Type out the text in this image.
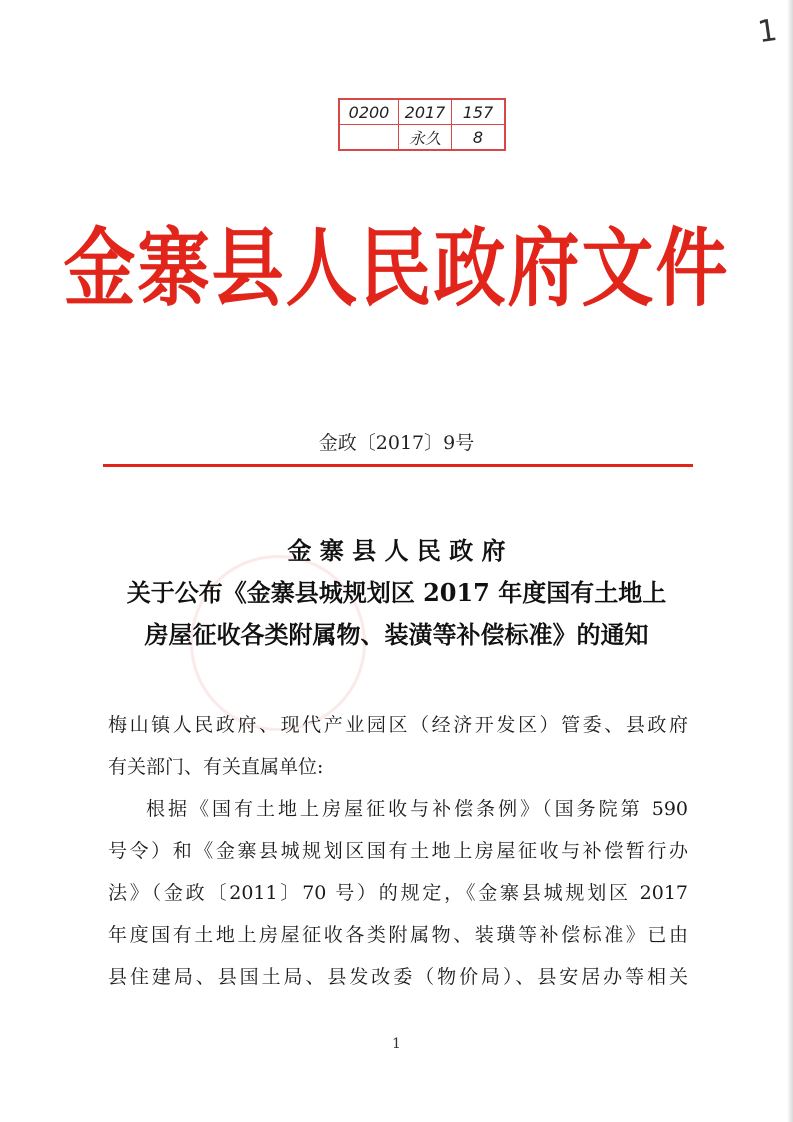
1
0200	2017	157
	永久	8
金寨县人民政府文件
金政〔2017〕9号
金 寨 县 人 民 政 府
关于公布《金寨县城规划区 2017 年度国有土地上
房屋征收各类附属物、装潢等补偿标准》的通知

梅山镇人民政府、现代产业园区（经济开发区）管委、县政府

有关部门、有关直属单位:

根据《国有土地上房屋征收与补偿条例》（国务院第 590

号令）和《金寨县城规划区国有土地上房屋征收与补偿暂行办

法》（金政〔2011〕70 号）的规定，《金寨县城规划区 2017

年度国有土地上房屋征收各类附属物、装璜等补偿标准》已由

县住建局、县国土局、县发改委（物价局）、县安居办等相关

1
